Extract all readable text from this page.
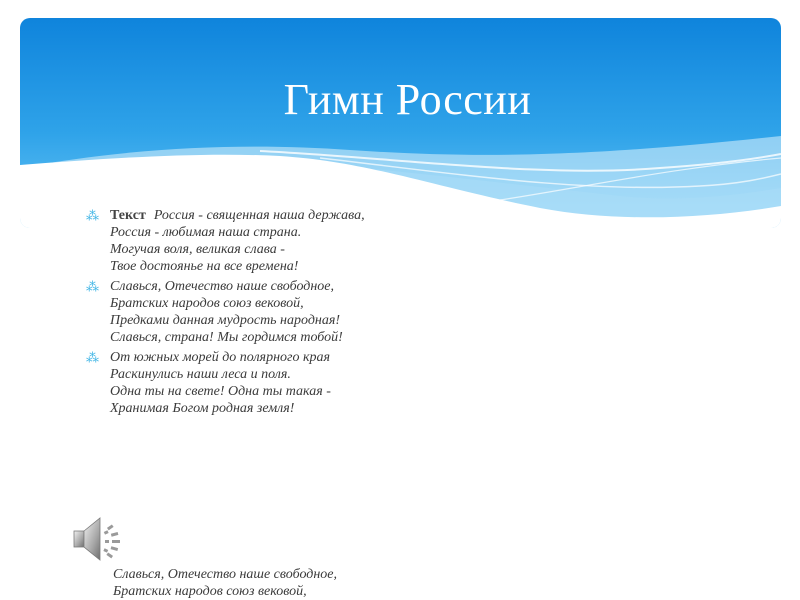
Гимн России
⁂ Текст Россия - священная наша держава,
Россия - любимая наша страна.
Могучая воля, великая слава -
Твое достоянье на все времена!
⁂ Славься, Отечество наше свободное,
Братских народов союз вековой,
Предками данная мудрость народная!
Славься, страна! Мы гордимся тобой!
⁂ От южных морей до полярного края
Раскинулись наши леса и поля.
Одна ты на свете! Одна ты такая -
Хранимая Богом родная земля!
Славься, Отечество наше свободное,
Братских народов союз вековой,
